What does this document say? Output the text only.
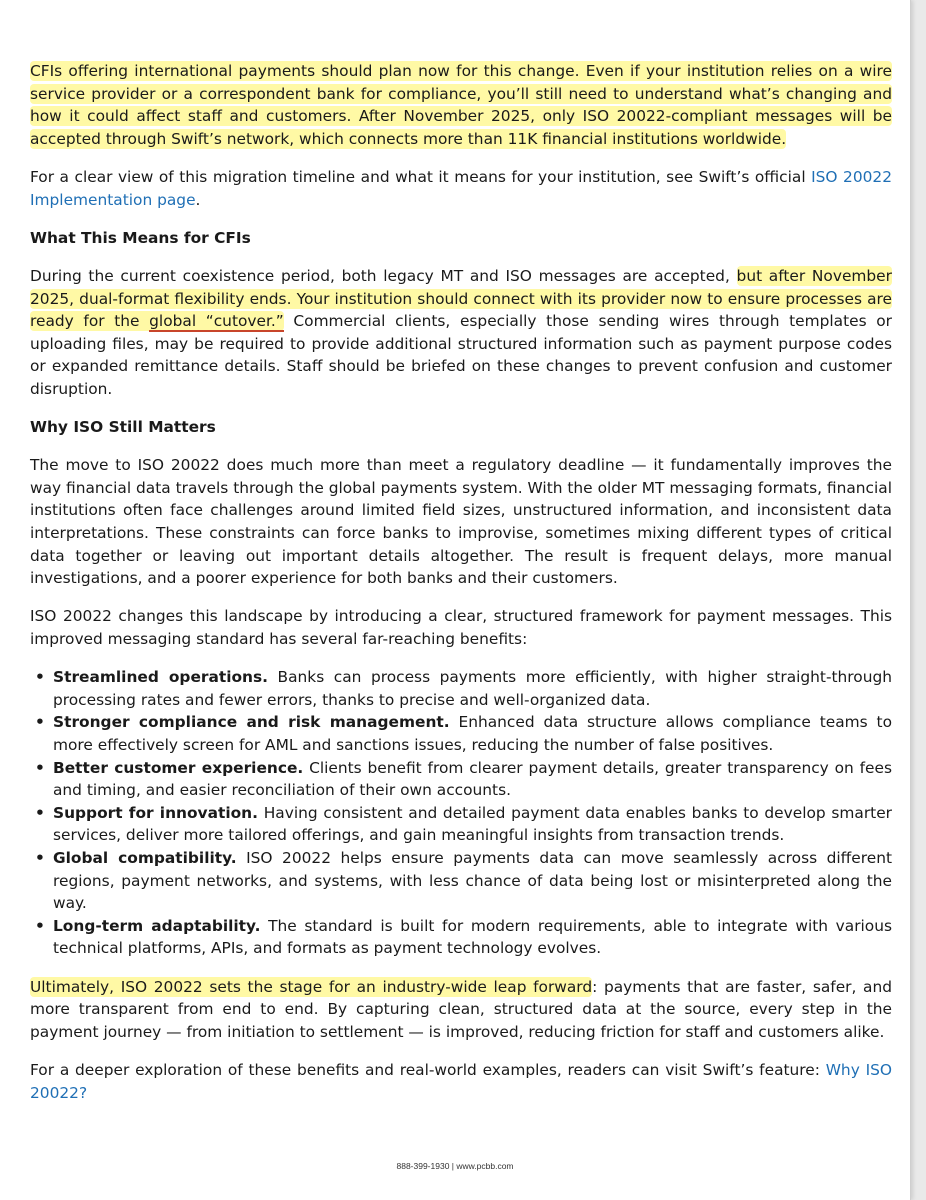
CFIs offering international payments should plan now for this change. Even if your institution relies on a wire service provider or a correspondent bank for compliance, you’ll still need to understand what’s changing and how it could affect staff and customers. After November 2025, only ISO 20022-compliant messages will be accepted through Swift’s network, which connects more than 11K financial institutions worldwide.

For a clear view of this migration timeline and what it means for your institution, see Swift’s official ISO 20022 Implementation page.

What This Means for CFIs

During the current coexistence period, both legacy MT and ISO messages are accepted, but after November 2025, dual-format flexibility ends. Your institution should connect with its provider now to ensure processes are ready for the global “cutover.” Commercial clients, especially those sending wires through templates or uploading files, may be required to provide additional structured information such as payment purpose codes or expanded remittance details. Staff should be briefed on these changes to prevent confusion and customer disruption.

Why ISO Still Matters

The move to ISO 20022 does much more than meet a regulatory deadline — it fundamentally improves the way financial data travels through the global payments system. With the older MT messaging formats, financial institutions often face challenges around limited field sizes, unstructured information, and inconsistent data interpretations. These constraints can force banks to improvise, sometimes mixing different types of critical data together or leaving out important details altogether. The result is frequent delays, more manual investigations, and a poorer experience for both banks and their customers.

ISO 20022 changes this landscape by introducing a clear, structured framework for payment messages. This improved messaging standard has several far-reaching benefits:

• Streamlined operations. Banks can process payments more efficiently, with higher straight-through processing rates and fewer errors, thanks to precise and well-organized data.
• Stronger compliance and risk management. Enhanced data structure allows compliance teams to more effectively screen for AML and sanctions issues, reducing the number of false positives.
• Better customer experience. Clients benefit from clearer payment details, greater transparency on fees and timing, and easier reconciliation of their own accounts.
• Support for innovation. Having consistent and detailed payment data enables banks to develop smarter services, deliver more tailored offerings, and gain meaningful insights from transaction trends.
• Global compatibility. ISO 20022 helps ensure payments data can move seamlessly across different regions, payment networks, and systems, with less chance of data being lost or misinterpreted along the way.
• Long-term adaptability. The standard is built for modern requirements, able to integrate with various technical platforms, APIs, and formats as payment technology evolves.

Ultimately, ISO 20022 sets the stage for an industry-wide leap forward: payments that are faster, safer, and more transparent from end to end. By capturing clean, structured data at the source, every step in the payment journey — from initiation to settlement — is improved, reducing friction for staff and customers alike.

For a deeper exploration of these benefits and real-world examples, readers can visit Swift’s feature: Why ISO 20022?

888-399-1930 | www.pcbb.com
